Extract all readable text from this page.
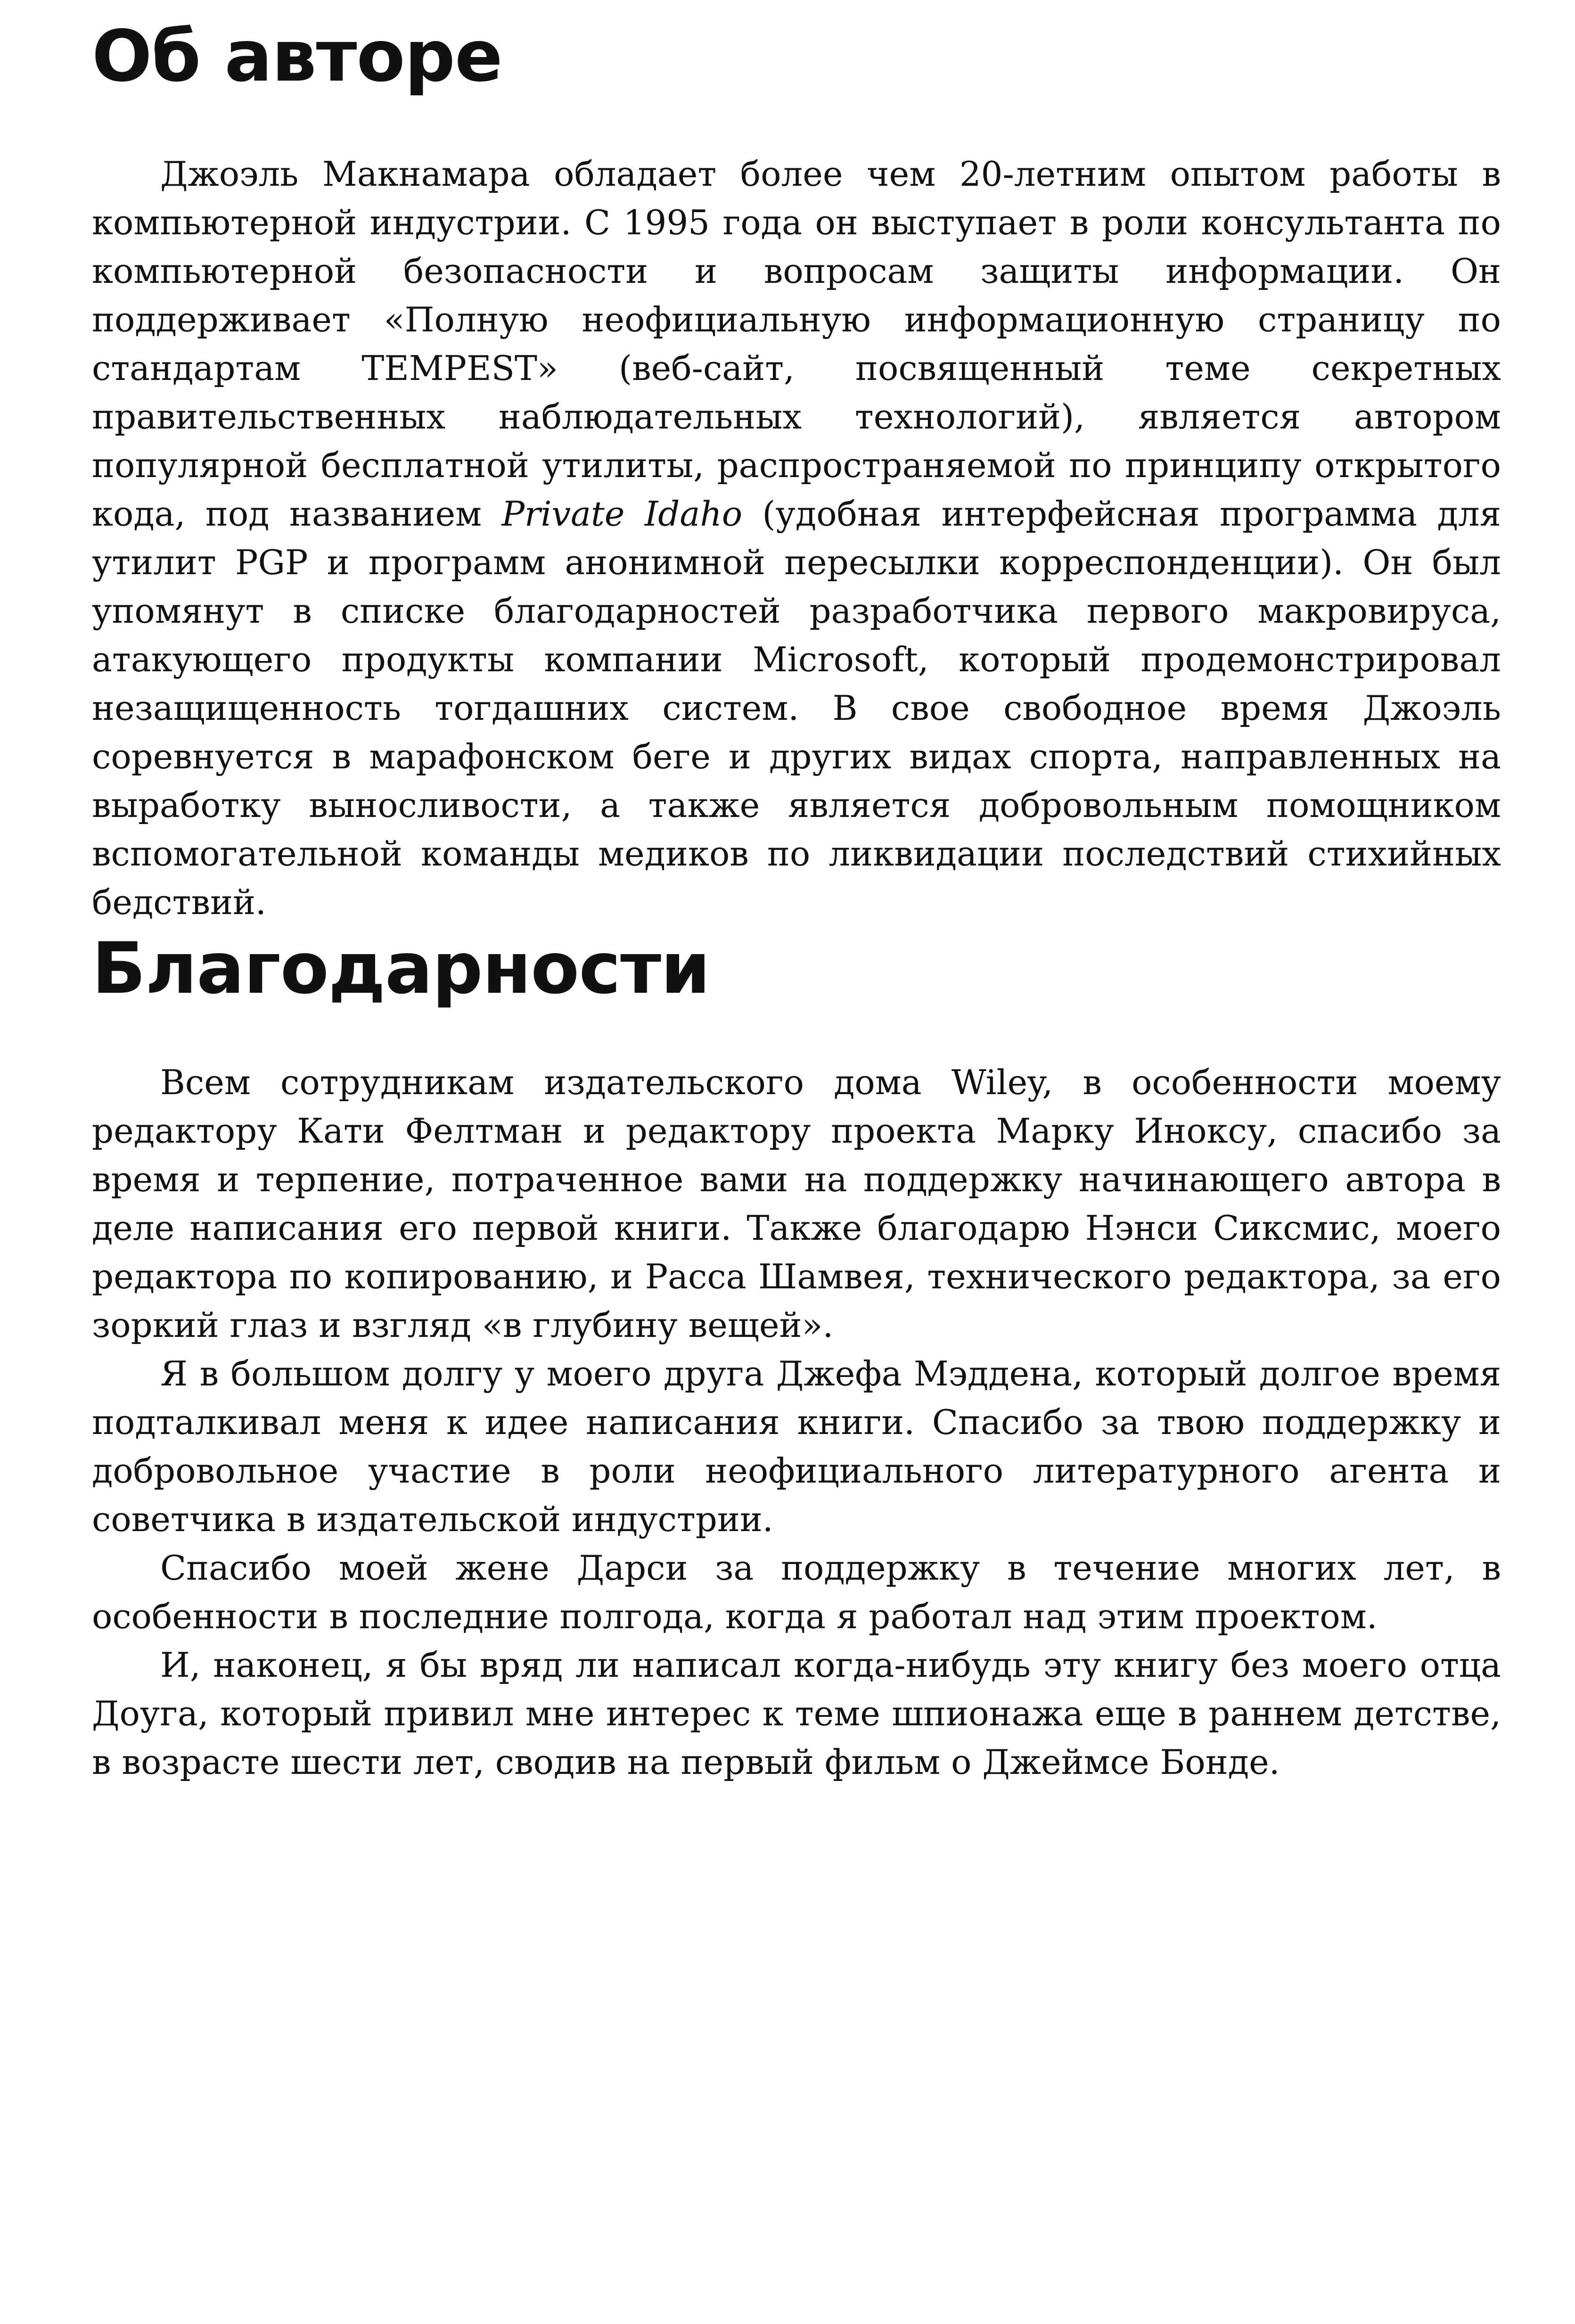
Об авторе

Джоэль Макнамара обладает более чем 20-летним опытом работы в компьютерной индустрии. С 1995 года он выступает в роли консультанта по компьютерной безопасности и вопросам защиты информации. Он поддерживает «Полную неофициальную информационную страницу по стандартам TEMPEST» (веб-сайт, посвященный теме секретных правительственных наблюдательных технологий), является автором популярной бесплатной утилиты, распространяемой по принципу открытого кода, под названием Private Idaho (удобная интерфейсная программа для утилит PGP и программ анонимной пересылки корреспонденции). Он был упомянут в списке благодарностей разработчика первого макровируса, атакующего продукты компании Microsoft, который продемонстрировал незащищенность тогдашних систем. В свое свободное время Джоэль соревнуется в марафонском беге и других видах спорта, направленных на выработку выносливости, а также является добровольным помощником вспомогательной команды медиков по ликвидации последствий стихийных бедствий.

Благодарности

Всем сотрудникам издательского дома Wiley, в особенности моему редактору Кати Фелтман и редактору проекта Марку Иноксу, спасибо за время и терпение, потраченное вами на поддержку начинающего автора в деле написания его первой книги. Также благодарю Нэнси Сиксмис, моего редактора по копированию, и Расса Шамвея, технического редактора, за его зоркий глаз и взгляд «в глубину вещей».

Я в большом долгу у моего друга Джефа Мэддена, который долгое время подталкивал меня к идее написания книги. Спасибо за твою поддержку и добровольное участие в роли неофициального литературного агента и советчика в издательской индустрии.

Спасибо моей жене Дарси за поддержку в течение многих лет, в особенности в последние полгода, когда я работал над этим проектом.

И, наконец, я бы вряд ли написал когда-нибудь эту книгу без моего отца Доуга, который привил мне интерес к теме шпионажа еще в раннем детстве, в возрасте шести лет, сводив на первый фильм о Джеймсе Бонде.
